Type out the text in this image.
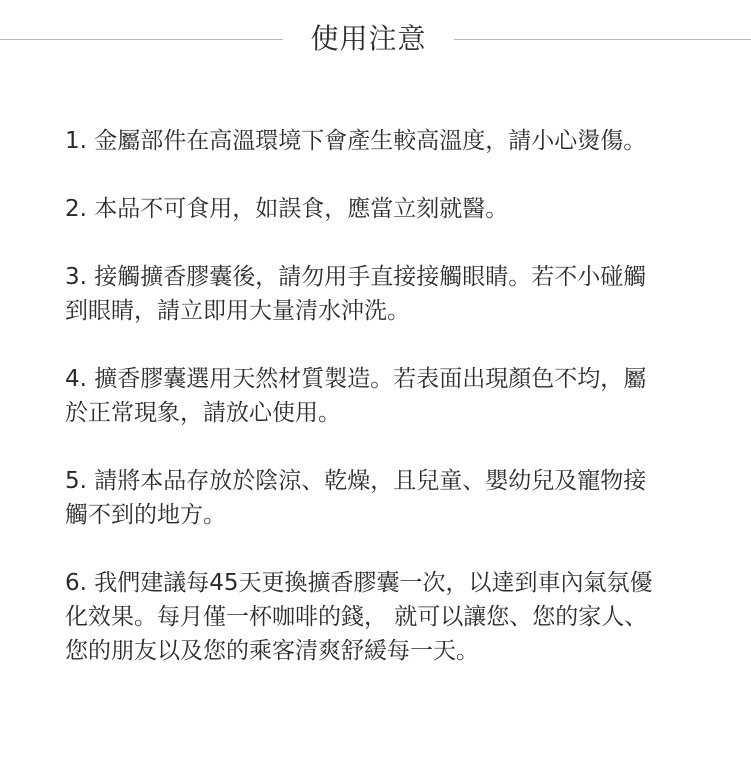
使用注意
1. 金屬部件在高溫環境下會產生較高溫度，請小心燙傷。
2. 本品不可食用，如誤食，應當立刻就醫。
3. 接觸擴香膠囊後，請勿用手直接接觸眼睛。若不小碰觸
到眼睛，請立即用大量清水沖洗。
4. 擴香膠囊選用天然材質製造。若表面出現顏色不均，屬
於正常現象，請放心使用。
5. 請將本品存放於陰涼、乾燥，且兒童、嬰幼兒及寵物接
觸不到的地方。
6. 我們建議每45天更換擴香膠囊一次，以達到車內氣氛優
化效果。每月僅一杯咖啡的錢， 就可以讓您、您的家人、
您的朋友以及您的乘客清爽舒緩每一天。
